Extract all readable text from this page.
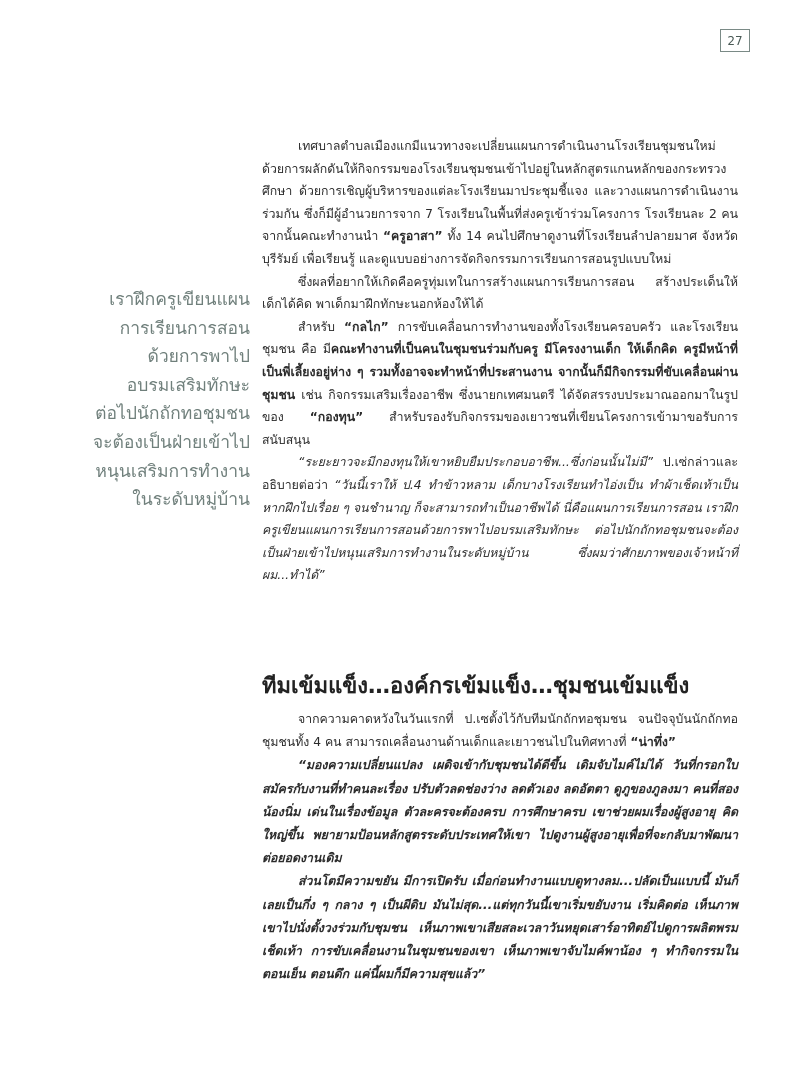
27
เราฝึกครูเขียนแผน
การเรียนการสอน
ด้วยการพาไป
อบรมเสริมทักษะ
ต่อไปนักถักทอชุมชน
จะต้องเป็นฝ่ายเข้าไป
หนุนเสริมการทำงาน
ในระดับหมู่บ้าน

เทศบาลตำบลเมืองแกมีแนวทางจะเปลี่ยนแผนการดำเนินงานโรงเรียนชุมชนใหม่ ด้วยการผลักดันให้กิจกรรมของโรงเรียนชุมชนเข้าไปอยู่ในหลักสูตรแกนหลักของกระทรวงศึกษา ด้วยการเชิญผู้บริหารของแต่ละโรงเรียนมาประชุมชี้แจง และวางแผนการดำเนินงานร่วมกัน ซึ่งก็มีผู้อำนวยการจาก 7 โรงเรียนในพื้นที่ส่งครูเข้าร่วมโครงการ โรงเรียนละ 2 คน จากนั้นคณะทำงานนำ “ครูอาสา” ทั้ง 14 คนไปศึกษาดูงานที่โรงเรียนลำปลายมาศ จังหวัดบุรีรัมย์ เพื่อเรียนรู้ และดูแบบอย่างการจัดกิจกรรมการเรียนการสอนรูปแบบใหม่

ซึ่งผลที่อยากให้เกิดคือครูทุ่มเทในการสร้างแผนการเรียนการสอน สร้างประเด็นให้เด็กได้คิด พาเด็กมาฝึกทักษะนอกห้องให้ได้

สำหรับ “กลไก” การขับเคลื่อนการทำงานของทั้งโรงเรียนครอบครัว และโรงเรียนชุมชน คือ มีคณะทำงานที่เป็นคนในชุมชนร่วมกับครู มีโครงงานเด็ก ให้เด็กคิด ครูมีหน้าที่เป็นพี่เลี้ยงอยู่ห่าง ๆ รวมทั้งอาจจะทำหน้าที่ประสานงาน จากนั้นก็มีกิจกรรมที่ขับเคลื่อนผ่านชุมชน เช่น กิจกรรมเสริมเรื่องอาชีพ ซึ่งนายกเทศมนตรี ได้จัดสรรงบประมาณออกมาในรูปของ “กองทุน” สำหรับรองรับกิจกรรมของเยาวชนที่เขียนโครงการเข้ามาขอรับการสนับสนุน

“ระยะยาวจะมีกองทุนให้เขาหยิบยืมประกอบอาชีพ...ซึ่งก่อนนั้นไม่มี” ป.เซ่กล่าวและอธิบายต่อว่า “วันนี้เราให้ ป.4 ทำข้าวหลาม เด็กบางโรงเรียนทำไอ่งเป็น ทำผ้าเช็ดเท้าเป็น หากฝึกไปเรื่อย ๆ จนชำนาญ ก็จะสามารถทำเป็นอาชีพได้ นี่คือแผนการเรียนการสอน เราฝึกครูเขียนแผนการเรียนการสอนด้วยการพาไปอบรมเสริมทักษะ ต่อไปนักถักทอชุมชนจะต้องเป็นฝ่ายเข้าไปหนุนเสริมการทำงานในระดับหมู่บ้าน ซึ่งผมว่าศักยภาพของเจ้าหน้าที่ผม...ทำได้”

ทีมเข้มแข็ง…องค์กรเข้มแข็ง…ชุมชนเข้มแข็ง

จากความคาดหวังในวันแรกที่ ป.เซตั้งไว้กับทีมนักถักทอชุมชน จนปัจจุบันนักถักทอชุมชนทั้ง 4 คน สามารถเคลื่อนงานด้านเด็กและเยาวชนไปในทิศทางที่ “น่าทึ่ง”

“มองความเปลี่ยนแปลง เผดิจเข้ากับชุมชนได้ดีขึ้น เดิมจับไมค์ไม่ได้ วันที่กรอกใบสมัครกับงานที่ทำคนละเรื่อง ปรับตัวลดช่องว่าง ลดตัวเอง ลดอัตตา ดูภูของภูลงมา คนที่สองน้องนิ่ม เด่นในเรื่องข้อมูล ตัวละครจะต้องครบ การศึกษาครบ เขาช่วยผมเรื่องผู้สูงอายุ คิดใหญ่ขึ้น พยายามป้อนหลักสูตรระดับประเทศให้เขา ไปดูงานผู้สูงอายุเพื่อที่จะกลับมาพัฒนาต่อยอดงานเดิม

ส่วนโตมีความขยัน มีการเปิดรับ เมื่อก่อนทำงานแบบดูทางลม...ปลัดเป็นแบบนี้ มันก็เลยเป็นกึ่ง ๆ กลาง ๆ เป็นผีดิบ มันไม่สุด...แต่ทุกวันนี้เขาเริ่มขยับงาน เริ่มคิดต่อ เห็นภาพเขาไปนั่งตั้งวงร่วมกับชุมชน เห็นภาพเขาเสียสละเวลาวันหยุดเสาร์อาทิตย์ไปดูการผลิตพรมเช็ดเท้า การขับเคลื่อนงานในชุมชนของเขา เห็นภาพเขาจับไมค์พาน้อง ๆ ทำกิจกรรมในตอนเย็น ตอนดึก แค่นี้ผมก็มีความสุขแล้ว”
